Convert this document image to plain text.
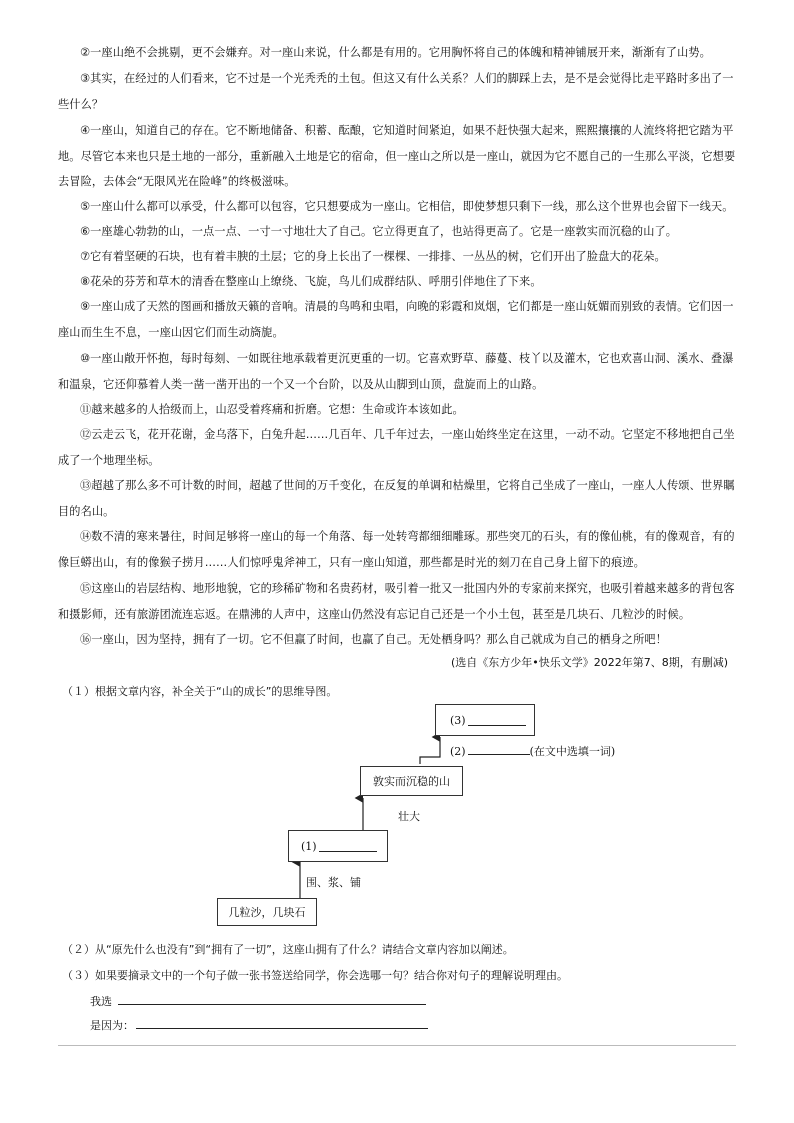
②一座山绝不会挑剔，更不会嫌弃。对一座山来说，什么都是有用的。它用胸怀将自己的体魄和精神铺展开来，渐渐有了山势。

③其实，在经过的人们看来，它不过是一个光秃秃的土包。但这又有什么关系？人们的脚踩上去，是不是会觉得比走平路时多出了一些什么？

④一座山，知道自己的存在。它不断地储备、积蓄、酝酿，它知道时间紧迫，如果不赶快强大起来，熙熙攘攘的人流终将把它踏为平地。尽管它本来也只是土地的一部分，重新融入土地是它的宿命，但一座山之所以是一座山，就因为它不愿自己的一生那么平淡，它想要去冒险，去体会“无限风光在险峰”的终极滋味。

⑤一座山什么都可以承受，什么都可以包容，它只想要成为一座山。它相信，即使梦想只剩下一线，那么这个世界也会留下一线天。

⑥一座雄心勃勃的山，一点一点、一寸一寸地壮大了自己。它立得更直了，也站得更高了。它是一座敦实而沉稳的山了。

⑦它有着坚硬的石块，也有着丰腴的土层；它的身上长出了一棵棵、一排排、一丛丛的树，它们开出了脸盘大的花朵。

⑧花朵的芬芳和草木的清香在整座山上缭绕、飞旋，鸟儿们成群结队、呼朋引伴地住了下来。

⑨一座山成了天然的图画和播放天籁的音响。清晨的鸟鸣和虫唱，向晚的彩霞和岚烟，它们都是一座山妩媚而别致的表情。它们因一座山而生生不息，一座山因它们而生动旖旎。

⑩一座山敞开怀抱，每时每刻、一如既往地承载着更沉更重的一切。它喜欢野草、藤蔓、枝丫以及灌木，它也欢喜山洞、溪水、叠瀑和温泉，它还仰慕着人类一凿一凿开出的一个又一个台阶，以及从山脚到山顶，盘旋而上的山路。

⑪越来越多的人拾级而上，山忍受着疼痛和折磨。它想：生命或许本该如此。

⑫云走云飞，花开花谢，金乌落下，白兔升起……几百年、几千年过去，一座山始终坐定在这里，一动不动。它坚定不移地把自己坐成了一个地理坐标。

⑬超越了那么多不可计数的时间，超越了世间的万千变化，在反复的单调和枯燥里，它将自己坐成了一座山，一座人人传颂、世界瞩目的名山。

⑭数不清的寒来暑往，时间足够将一座山的每一个角落、每一处转弯都细细雕琢。那些突兀的石头，有的像仙桃，有的像观音，有的像巨蟒出山，有的像猴子捞月……人们惊呼鬼斧神工，只有一座山知道，那些都是时光的刻刀在自己身上留下的痕迹。

⑮这座山的岩层结构、地形地貌，它的珍稀矿物和名贵药材，吸引着一批又一批国内外的专家前来探究，也吸引着越来越多的背包客和摄影师，还有旅游团流连忘返。在鼎沸的人声中，这座山仍然没有忘记自己还是一个小土包，甚至是几块石、几粒沙的时候。

⑯一座山，因为坚持，拥有了一切。它不但赢了时间，也赢了自己。无处栖身吗？那么自己就成为自己的栖身之所吧！

(选自《东方少年•快乐文学》2022年第7、8期，有删减)
（１）根据文章内容，补全关于“山的成长”的思维导图。
几粒沙，几块石
围、浆、铺
(1)
壮大
敦实而沉稳的山
(2)	(在文中选填一词)
(3)
（２）从“原先什么也没有”到“拥有了一切”，这座山拥有了什么？请结合文章内容加以阐述。
（３）如果要摘录文中的一个句子做一张书签送给同学，你会选哪一句？结合你对句子的理解说明理由。
我选
是因为：
